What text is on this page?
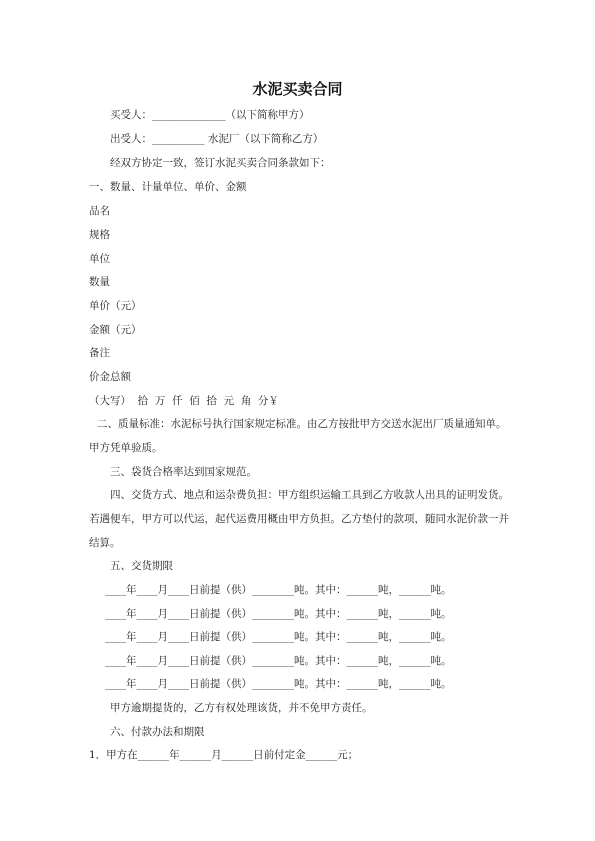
水泥买卖合同
买受人：______________（以下简称甲方）
出受人：__________ 水泥厂（以下简称乙方）
经双方协定一致，签订水泥买卖合同条款如下：
一、数量、计量单位、单价、金额
品名
规格
单位
数量
单价（元）
金额（元）
备注
价金总额
（大写）  拾  万  仟  佰  拾  元  角  分￥
二、质量标准：水泥标号执行国家规定标准。由乙方按批甲方交送水泥出厂质量通知单。
甲方凭单验质。
三、袋货合格率达到国家规范。
四、交货方式、地点和运杂费负担：甲方组织运输工具到乙方收款人出具的证明发货。
若遇便车，甲方可以代运，起代运费用概由甲方负担。乙方垫付的款项，随同水泥价款一并
结算。
五、交货期限
____年____月____日前提（供）________吨。其中：______吨，______吨。
____年____月____日前提（供）________吨。其中：______吨，______吨。
____年____月____日前提（供）________吨。其中：______吨，______吨。
____年____月____日前提（供）________吨。其中：______吨，______吨。
____年____月____日前提（供）________吨。其中：______吨，______吨。
甲方逾期提货的，乙方有权处理该货，并不免甲方责任。
六、付款办法和期限
1．甲方在______年______月______日前付定金______元；
